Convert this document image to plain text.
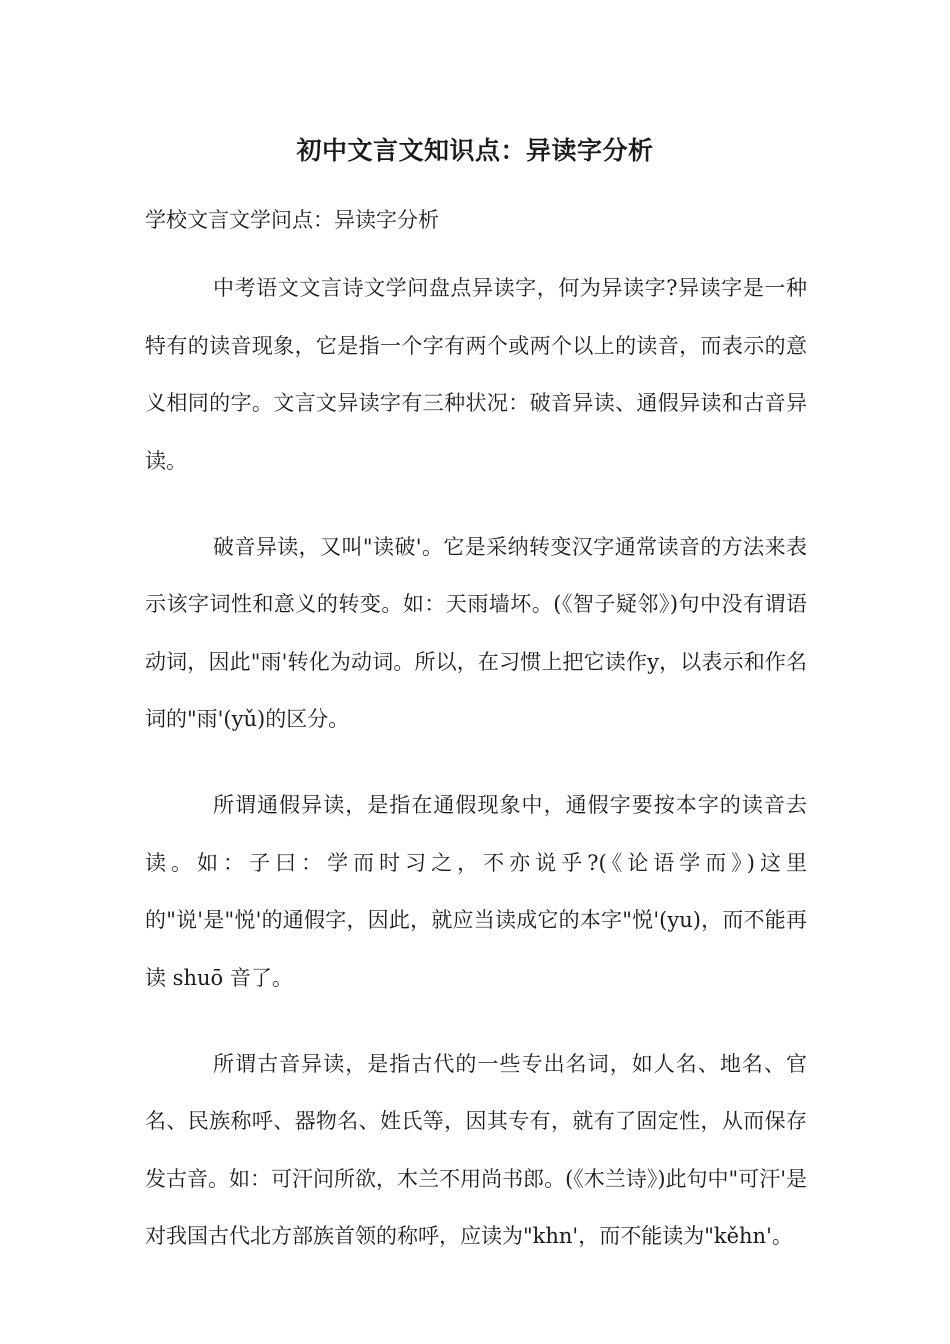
初中文言文知识点：异读字分析
学校文言文学问点：异读字分析

中考语文文言诗文学问盘点异读字，何为异读字?异读字是一种特有的读音现象，它是指一个字有两个或两个以上的读音，而表示的意义相同的字。文言文异读字有三种状况：破音异读、通假异读和古音异读。

破音异读，又叫"读破'。它是采纳转变汉字通常读音的方法来表示该字词性和意义的转变。如：天雨墙坏。(《智子疑邻》)句中没有谓语动词，因此"雨'转化为动词。所以，在习惯上把它读作y，以表示和作名词的"雨'(yǔ)的区分。

所谓通假异读，是指在通假现象中，通假字要按本字的读音去读。如：子曰：学而时习之，不亦说乎?(《论语学而》)这里的"说'是"悦'的通假字，因此，就应当读成它的本字"悦'(yu)，而不能再读 shuō 音了。

所谓古音异读，是指古代的一些专出名词，如人名、地名、官名、民族称呼、器物名、姓氏等，因其专有，就有了固定性，从而保存发古音。如：可汗问所欲，木兰不用尚书郎。(《木兰诗》)此句中"可汗'是对我国古代北方部族首领的称呼，应读为"khn'，而不能读为"kěhn'。
